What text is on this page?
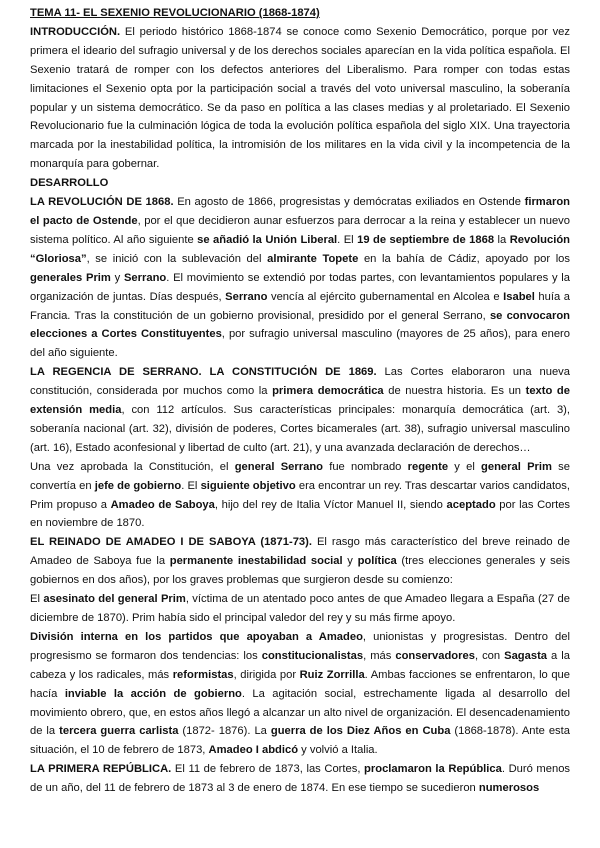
TEMA 11- EL SEXENIO REVOLUCIONARIO (1868-1874)

INTRODUCCIÓN. El periodo histórico 1868-1874 se conoce como Sexenio Democrático, porque por vez primera el ideario del sufragio universal y de los derechos sociales aparecían en la vida política española. El Sexenio tratará de romper con los defectos anteriores del Liberalismo. Para romper con todas estas limitaciones el Sexenio opta por la participación social a través del voto universal masculino, la soberanía popular y un sistema democrático. Se da paso en política a las clases medias y al proletariado. El Sexenio Revolucionario fue la culminación lógica de toda la evolución política española del siglo XIX. Una trayectoria marcada por la inestabilidad política, la intromisión de los militares en la vida civil y la incompetencia de la monarquía para gobernar.

DESARROLLO

LA REVOLUCIÓN DE 1868. En agosto de 1866, progresistas y demócratas exiliados en Ostende firmaron el pacto de Ostende, por el que decidieron aunar esfuerzos para derrocar a la reina y establecer un nuevo sistema político. Al año siguiente se añadió la Unión Liberal. El 19 de septiembre de 1868 la Revolución “Gloriosa”, se inició con la sublevación del almirante Topete en la bahía de Cádiz, apoyado por los generales Prim y Serrano. El movimiento se extendió por todas partes, con levantamientos populares y la organización de juntas. Días después, Serrano vencía al ejército gubernamental en Alcolea e Isabel huía a Francia. Tras la constitución de un gobierno provisional, presidido por el general Serrano, se convocaron elecciones a Cortes Constituyentes, por sufragio universal masculino (mayores de 25 años), para enero del año siguiente.

LA REGENCIA DE SERRANO. LA CONSTITUCIÓN DE 1869. Las Cortes elaboraron una nueva constitución, considerada por muchos como la primera democrática de nuestra historia. Es un texto de extensión media, con 112 artículos. Sus características principales: monarquía democrática (art. 3), soberanía nacional (art. 32), división de poderes, Cortes bicamerales (art. 38), sufragio universal masculino (art. 16), Estado aconfesional y libertad de culto (art. 21), y una avanzada declaración de derechos…

Una vez aprobada la Constitución, el general Serrano fue nombrado regente y el general Prim se convertía en jefe de gobierno. El siguiente objetivo era encontrar un rey. Tras descartar varios candidatos, Prim propuso a Amadeo de Saboya, hijo del rey de Italia Víctor Manuel II, siendo aceptado por las Cortes en noviembre de 1870.

EL REINADO DE AMADEO I DE SABOYA (1871-73). El rasgo más característico del breve reinado de Amadeo de Saboya fue la permanente inestabilidad social y política (tres elecciones generales y seis gobiernos en dos años), por los graves problemas que surgieron desde su comienzo:

El asesinato del general Prim, víctima de un atentado poco antes de que Amadeo llegara a España (27 de diciembre de 1870). Prim había sido el principal valedor del rey y su más firme apoyo.

División interna en los partidos que apoyaban a Amadeo, unionistas y progresistas. Dentro del progresismo se formaron dos tendencias: los constitucionalistas, más conservadores, con Sagasta a la cabeza y los radicales, más reformistas, dirigida por Ruiz Zorrilla. Ambas facciones se enfrentaron, lo que hacía inviable la acción de gobierno. La agitación social, estrechamente ligada al desarrollo del movimiento obrero, que, en estos años llegó a alcanzar un alto nivel de organización. El desencadenamiento de la tercera guerra carlista (1872- 1876). La guerra de los Diez Años en Cuba (1868-1878). Ante esta situación, el 10 de febrero de 1873, Amadeo I abdicó y volvió a Italia.

LA PRIMERA REPÚBLICA. El 11 de febrero de 1873, las Cortes, proclamaron la República. Duró menos de un año, del 11 de febrero de 1873 al 3 de enero de 1874. En ese tiempo se sucedieron numerosos
